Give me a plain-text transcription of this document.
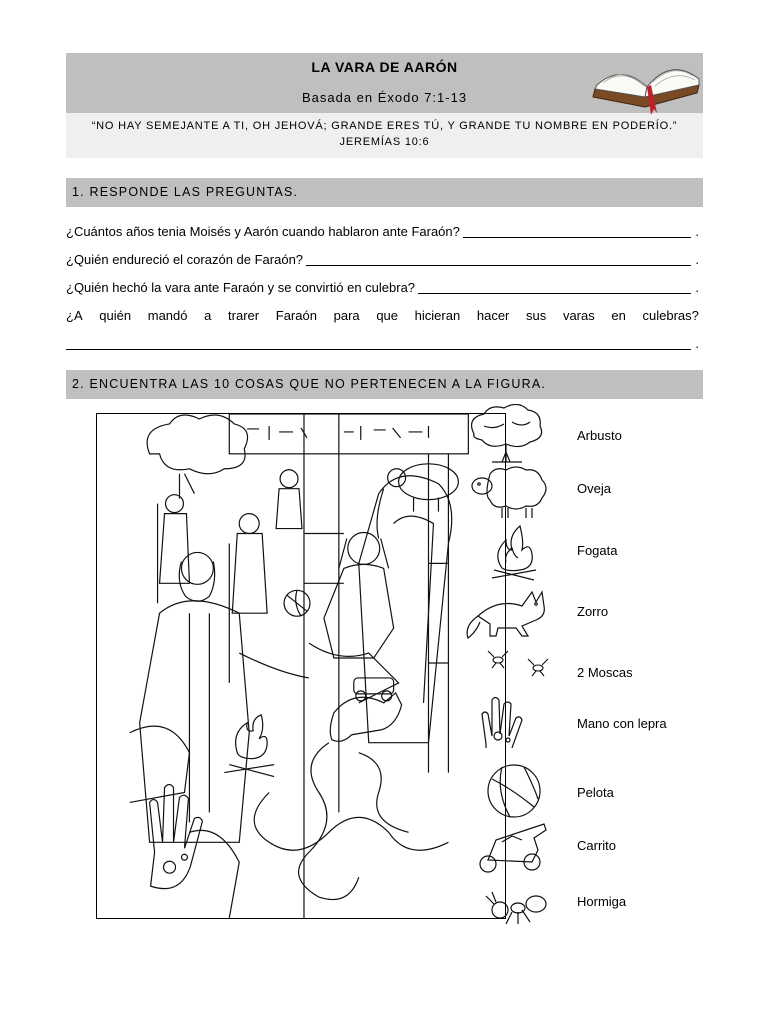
LA VARA DE AARÓN
Basada en Éxodo 7:1-13
“NO HAY SEMEJANTE A TI, OH JEHOVÁ; GRANDE ERES TÚ, Y GRANDE TU NOMBRE EN PODERÍO.”
JEREMÍAS 10:6
1. RESPONDE LAS PREGUNTAS.
¿Cuántos años tenia Moisés y Aarón cuando hablaron ante Faraón?	.
¿Quién endureció el corazón de Faraón?	.
¿Quién hechó la vara ante Faraón y se convirtió en culebra?	.
¿A quién mandó a trarer Faraón para que hicieran hacer sus varas en culebras?
.
2. ENCUENTRA LAS 10 COSAS QUE NO PERTENECEN A LA FIGURA.
Arbusto
Oveja
Fogata
Zorro
2 Moscas
Mano con lepra
Pelota
Carrito
Hormiga
